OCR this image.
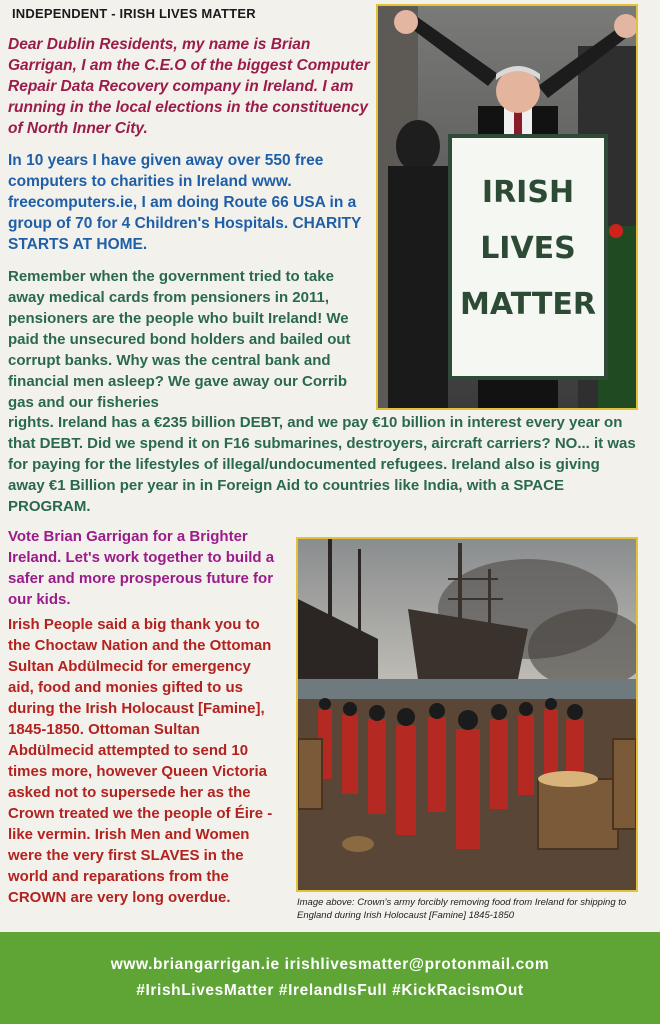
INDEPENDENT - IRISH LIVES MATTER

Dear Dublin Residents, my name is Brian Garrigan, I am the C.E.O of the biggest Computer Repair Data Recovery company in Ireland. I am running in the local elections in the constituency of North Inner City.

In 10 years I have given away over 550 free computers to charities in Ireland www. freecomputers.ie, I am doing Route 66 USA in a group of 70 for 4 Children's Hospitals. CHARITY STARTS AT HOME.

Remember when the government tried to take away medical cards from pensioners in 2011, pensioners are the people who built Ireland! We paid the unsecured bond holders and bailed out corrupt banks. Why was the central bank and financial men asleep? We gave away our Corrib gas and our fisheries

rights. Ireland has a €235 billion DEBT, and we pay €10 billion in interest every year on that DEBT. Did we spend it on F16 submarines, destroyers, aircraft carriers? NO... it was for paying for the lifestyles of illegal/undocumented refugees. Ireland also is giving away €1 Billion per year in in Foreign Aid to countries like India, with a SPACE PROGRAM.

Vote Brian Garrigan for a Brighter Ireland. Let's work together to build a safer and more prosperous future for our kids.

Irish People said a big thank you to the Choctaw Nation and the Ottoman Sultan Abdülmecid for emergency aid, food and monies gifted to us during the Irish Holocaust [Famine], 1845-1850. Ottoman Sultan Abdülmecid attempted to send 10 times more, however Queen Victoria asked not to supersede her as the Crown treated we the people of Éire - like vermin. Irish Men and Women were the very first SLAVES in the world and reparations from the CROWN are very long overdue.

IRISH
LIVES
MATTER
Image above: Crown's army forcibly removing food from Ireland for shipping to England during Irish Holocaust [Famine] 1845-1850
www.briangarrigan.ie irishlivesmatter@protonmail.com
#IrishLivesMatter #IrelandIsFull #KickRacismOut
